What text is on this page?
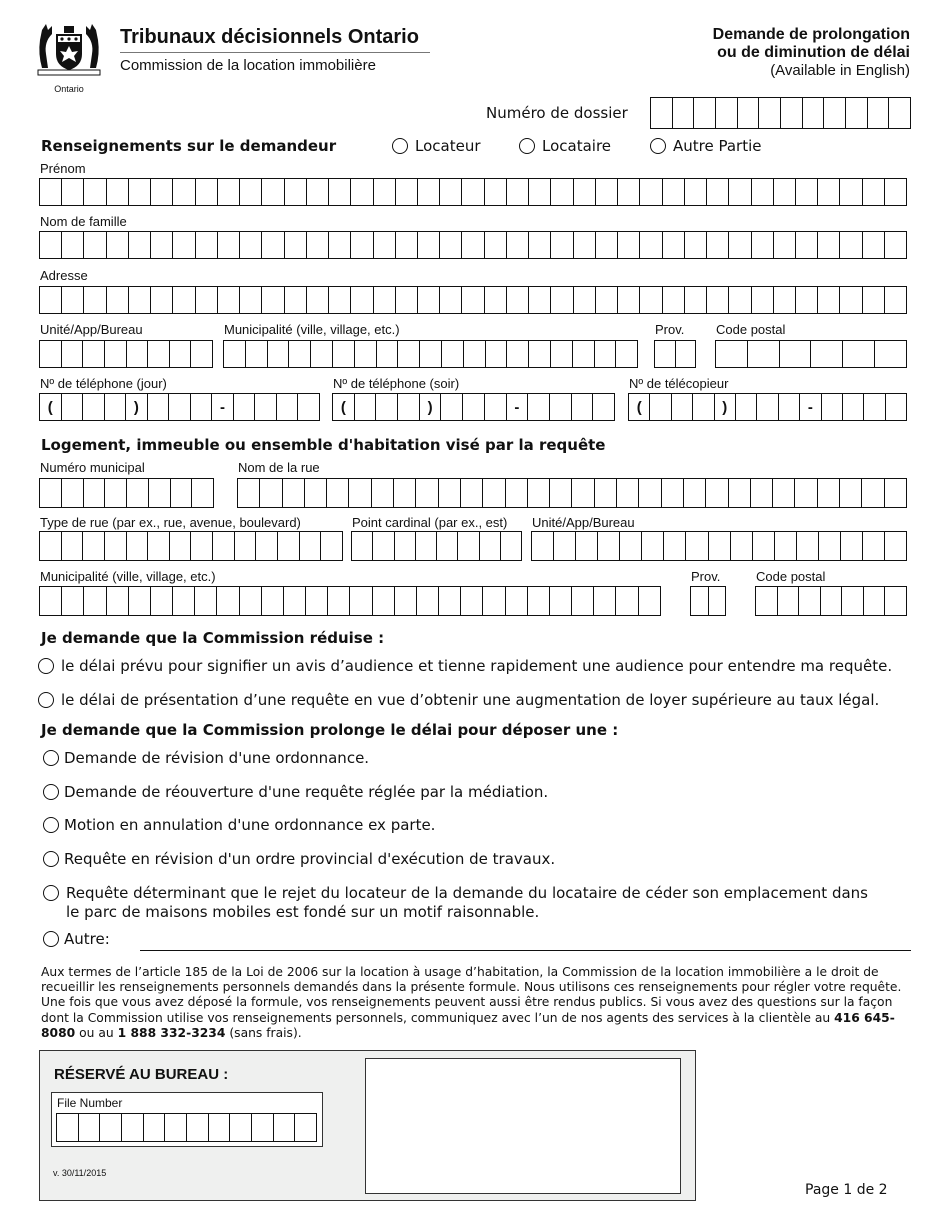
Ontario
Tribunaux décisionnels Ontario
Commission de la location immobilière
Demande de prolongation
ou de diminution de délai
(Available in English)
Numéro de dossier
Renseignements sur le demandeur	Locateur	Locataire	Autre Partie
Prénom
Nom de famille
Adresse
Unité/App/Bureau	Municipalité (ville, village, etc.)	Prov. Code postal
Nº de téléphone (jour)
(	)	-
Nº de téléphone (soir)
(	)	-
Nº de télécopieur
(	)	-
Logement, immeuble ou ensemble d'habitation visé par la requête
Numéro municipal	Nom de la rue
Type de rue (par ex., rue, avenue, boulevard)	Point cardinal (par ex., est) Unité/App/Bureau
Municipalité (ville, village, etc.)	Prov.	Code postal
Je demande que la Commission réduise :
le délai prévu pour signifier un avis d’audience et tienne rapidement une audience pour entendre ma requête.
le délai de présentation d’une requête en vue d’obtenir une augmentation de loyer supérieure au taux légal.
Je demande que la Commission prolonge le délai pour déposer une :
Demande de révision d'une ordonnance.
Demande de réouverture d'une requête réglée par la médiation.
Motion en annulation d'une ordonnance ex parte.
Requête en révision d'un ordre provincial d'exécution de travaux.
Requête déterminant que le rejet du locateur de la demande du locataire de céder son emplacement dans
le parc de maisons mobiles est fondé sur un motif raisonnable.
Autre:
Aux termes de l’article 185 de la Loi de 2006 sur la location à usage d’habitation, la Commission de la location immobilière a le droit de recueillir les renseignements personnels demandés dans la présente formule. Nous utilisons ces renseignements pour régler votre requête. Une fois que vous avez déposé la formule, vos renseignements peuvent aussi être rendus publics. Si vous avez des questions sur la façon dont la Commission utilise vos renseignements personnels, communiquez avec l’un de nos agents des services à la clientèle au 416 645-8080 ou au 1 888 332-3234 (sans frais).
RÉSERVÉ AU BUREAU :
File Number
v. 30/11/2015
Page 1 de 2
